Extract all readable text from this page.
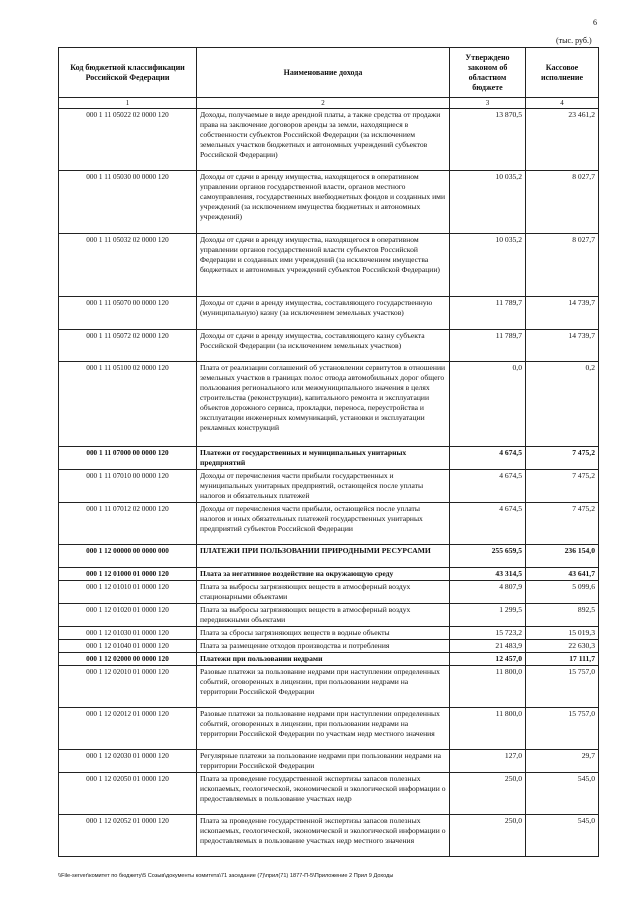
6
(тыс. руб.)
Код бюджетной классификации Российской Федерации	Наименование дохода	Утверждено законом об областном бюджете	Кассовое исполнение
1	2	3	4
000 1 11 05022 02 0000 120	Доходы, получаемые в виде арендной платы, а также средства от продажи права на заключение договоров аренды за земли, находящиеся в собственности субъектов Российской Федерации (за исключением земельных участков бюджетных и автономных учреждений субъектов Российской Федерации)	13 870,5	23 461,2
000 1 11 05030 00 0000 120	Доходы от сдачи в аренду имущества, находящегося в оперативном управлении органов государственной власти, органов местного самоуправления, государственных внебюджетных фондов и созданных ими учреждений (за исключением имущества бюджетных и автономных учреждений)	10 035,2	8 027,7
000 1 11 05032 02 0000 120	Доходы от сдачи в аренду имущества, находящегося в оперативном управлении органов государственной власти субъектов Российской Федерации и созданных ими учреждений (за исключением имущества бюджетных и автономных учреждений субъектов Российской Федерации)	10 035,2	8 027,7
000 1 11 05070 00 0000 120	Доходы от сдачи в аренду имущества, составляющего государственную (муниципальную) казну (за исключением земельных участков)	11 789,7	14 739,7
000 1 11 05072 02 0000 120	Доходы от сдачи в аренду имущества, составляющего казну субъекта Российской Федерации (за исключением земельных участков)	11 789,7	14 739,7
000 1 11 05100 02 0000 120	Плата от реализации соглашений об установлении сервитутов в отношении земельных участков в границах полос отвода автомобильных дорог общего пользования регионального или межмуниципального значения в целях строительства (реконструкции), капитального ремонта и эксплуатации объектов дорожного сервиса, прокладки, переноса, переустройства и эксплуатации инженерных коммуникаций, установки и эксплуатации рекламных конструкций	0,0	0,2
000 1 11 07000 00 0000 120	Платежи от государственных и муниципальных унитарных предприятий	4 674,5	7 475,2
000 1 11 07010 00 0000 120	Доходы от перечисления части прибыли государственных и муниципальных унитарных предприятий, остающейся после уплаты налогов и обязательных платежей	4 674,5	7 475,2
000 1 11 07012 02 0000 120	Доходы от перечисления части прибыли, остающейся после уплаты налогов и иных обязательных платежей государственных унитарных предприятий субъектов Российской Федерации	4 674,5	7 475,2
000 1 12 00000 00 0000 000	ПЛАТЕЖИ ПРИ ПОЛЬЗОВАНИИ ПРИРОДНЫМИ РЕСУРСАМИ	255 659,5	236 154,0
000 1 12 01000 01 0000 120	Плата за негативное воздействие на окружающую среду	43 314,5	43 641,7
000 1 12 01010 01 0000 120	Плата за выбросы загрязняющих веществ в атмосферный воздух стационарными объектами	4 807,9	5 099,6
000 1 12 01020 01 0000 120	Плата за выбросы загрязняющих веществ в атмосферный воздух передвижными объектами	1 299,5	892,5
000 1 12 01030 01 0000 120	Плата за сбросы загрязняющих веществ в водные объекты	15 723,2	15 019,3
000 1 12 01040 01 0000 120	Плата за размещение отходов производства и потребления	21 483,9	22 630,3
000 1 12 02000 00 0000 120	Платежи при пользовании недрами	12 457,0	17 111,7
000 1 12 02010 01 0000 120	Разовые платежи за пользование недрами при наступлении определенных событий, оговоренных в лицензии, при пользовании недрами на территории Российской Федерации	11 800,0	15 757,0
000 1 12 02012 01 0000 120	Разовые платежи за пользование недрами при наступлении определенных событий, оговоренных в лицензии, при пользовании недрами на территории Российской Федерации по участкам недр местного значения	11 800,0	15 757,0
000 1 12 02030 01 0000 120	Регулярные платежи за пользование недрами при пользовании недрами на территории Российской Федерации	127,0	29,7
000 1 12 02050 01 0000 120	Плата за проведение государственной экспертизы запасов полезных ископаемых, геологической, экономической и экологической информации о предоставляемых в пользование участках недр	250,0	545,0
000 1 12 02052 01 0000 120	Плата за проведение государственной экспертизы запасов полезных ископаемых, геологической, экономической и экологической информации о предоставляемых в пользование участках недр местного значения	250,0	545,0
\\File-server\комитет по бюджету\5 Созыв\документы комитета\71 заседание (7)\прил(71) 1877-П-5\Приложение 2 Прил 9 Доходы
